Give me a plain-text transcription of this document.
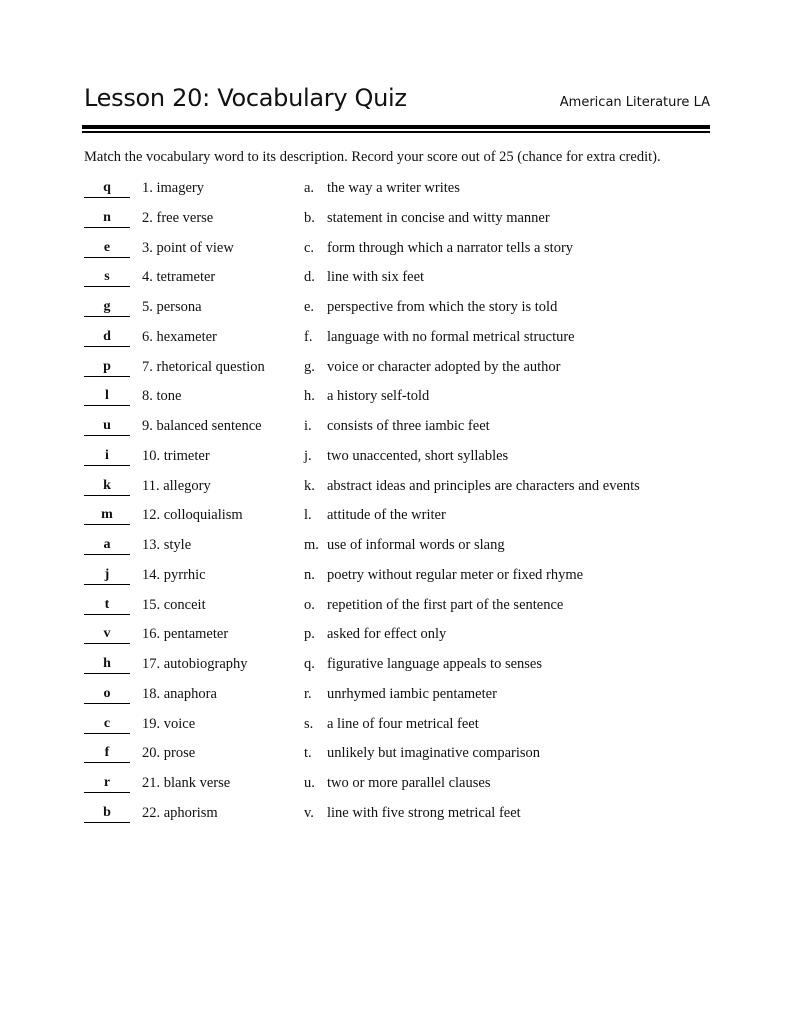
Lesson 20: Vocabulary Quiz	American Literature LA
Match the vocabulary word to its description. Record your score out of 25 (chance for extra credit).
q	1. imagery	a. the way a writer writes
n	2. free verse	b. statement in concise and witty manner
e	3. point of view	c. form through which a narrator tells a story
s	4. tetrameter	d. line with six feet
g	5. persona	e. perspective from which the story is told
d	6. hexameter	f. language with no formal metrical structure
p	7. rhetorical question	g. voice or character adopted by the author
l	8. tone	h. a history self-told
u	9. balanced sentence	i. consists of three iambic feet
i	10. trimeter	j. two unaccented, short syllables
k	11. allegory	k. abstract ideas and principles are characters and events
m	12. colloquialism	l. attitude of the writer
a	13. style	m. use of informal words or slang
j	14. pyrrhic	n. poetry without regular meter or fixed rhyme
t	15. conceit	o. repetition of the first part of the sentence
v	16. pentameter	p. asked for effect only
h	17. autobiography	q. figurative language appeals to senses
o	18. anaphora	r. unrhymed iambic pentameter
c	19. voice	s. a line of four metrical feet
f	20. prose	t. unlikely but imaginative comparison
r	21. blank verse	u. two or more parallel clauses
b	22. aphorism	v. line with five strong metrical feet
